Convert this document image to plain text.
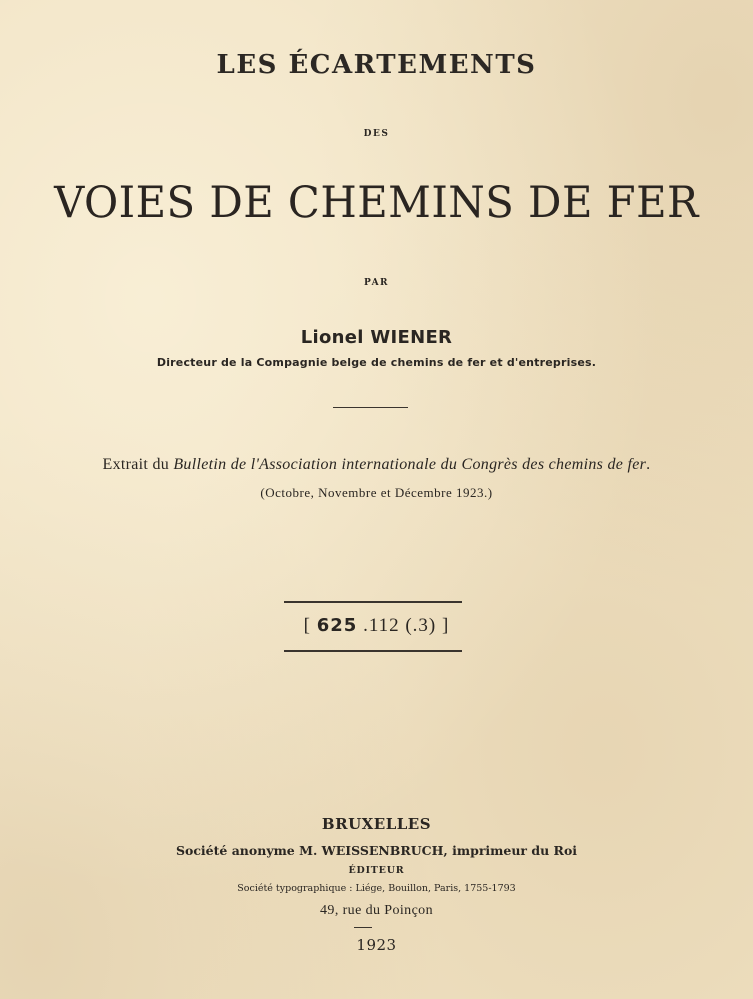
LES ÉCARTEMENTS
DES
VOIES DE CHEMINS DE FER
PAR
Lionel WIENER
Directeur de la Compagnie belge de chemins de fer et d'entreprises.
Extrait du Bulletin de l'Association internationale du Congrès des chemins de fer.
(Octobre, Novembre et Décembre 1923.)
[ 625 .112 (.3) ]
BRUXELLES
Société anonyme M. WEISSENBRUCH, imprimeur du Roi
ÉDITEUR
Société typographique : Liége, Bouillon, Paris, 1755-1793
49, rue du Poinçon
1923
